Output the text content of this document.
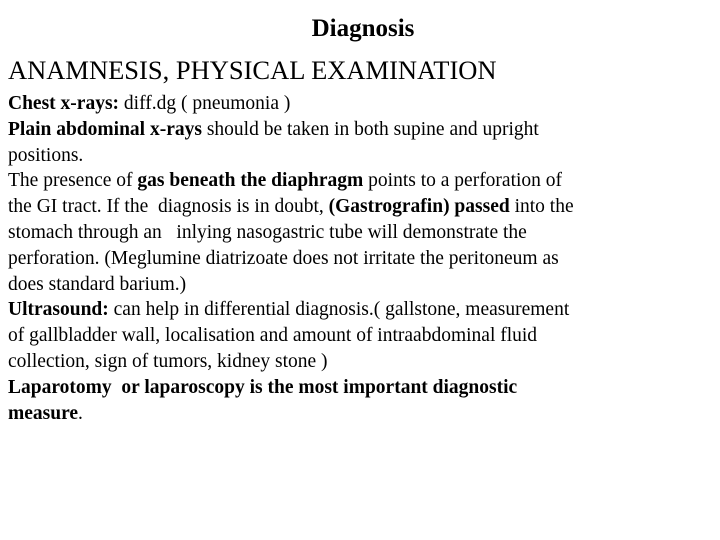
Diagnosis
ANAMNESIS, PHYSICAL EXAMINATION
Chest x-rays: diff.dg ( pneumonia )
Plain abdominal x-rays should be taken in both supine and upright
positions.
The presence of gas beneath the diaphragm points to a perforation of
the GI tract. If the  diagnosis is in doubt, (Gastrografin) passed into the
stomach through an   inlying nasogastric tube will demonstrate the
perforation. (Meglumine diatrizoate does not irritate the peritoneum as
does standard barium.)
Ultrasound: can help in differential diagnosis.( gallstone, measurement
of gallbladder wall, localisation and amount of intraabdominal fluid
collection, sign of tumors, kidney stone )
Laparotomy  or laparoscopy is the most important diagnostic
measure.
